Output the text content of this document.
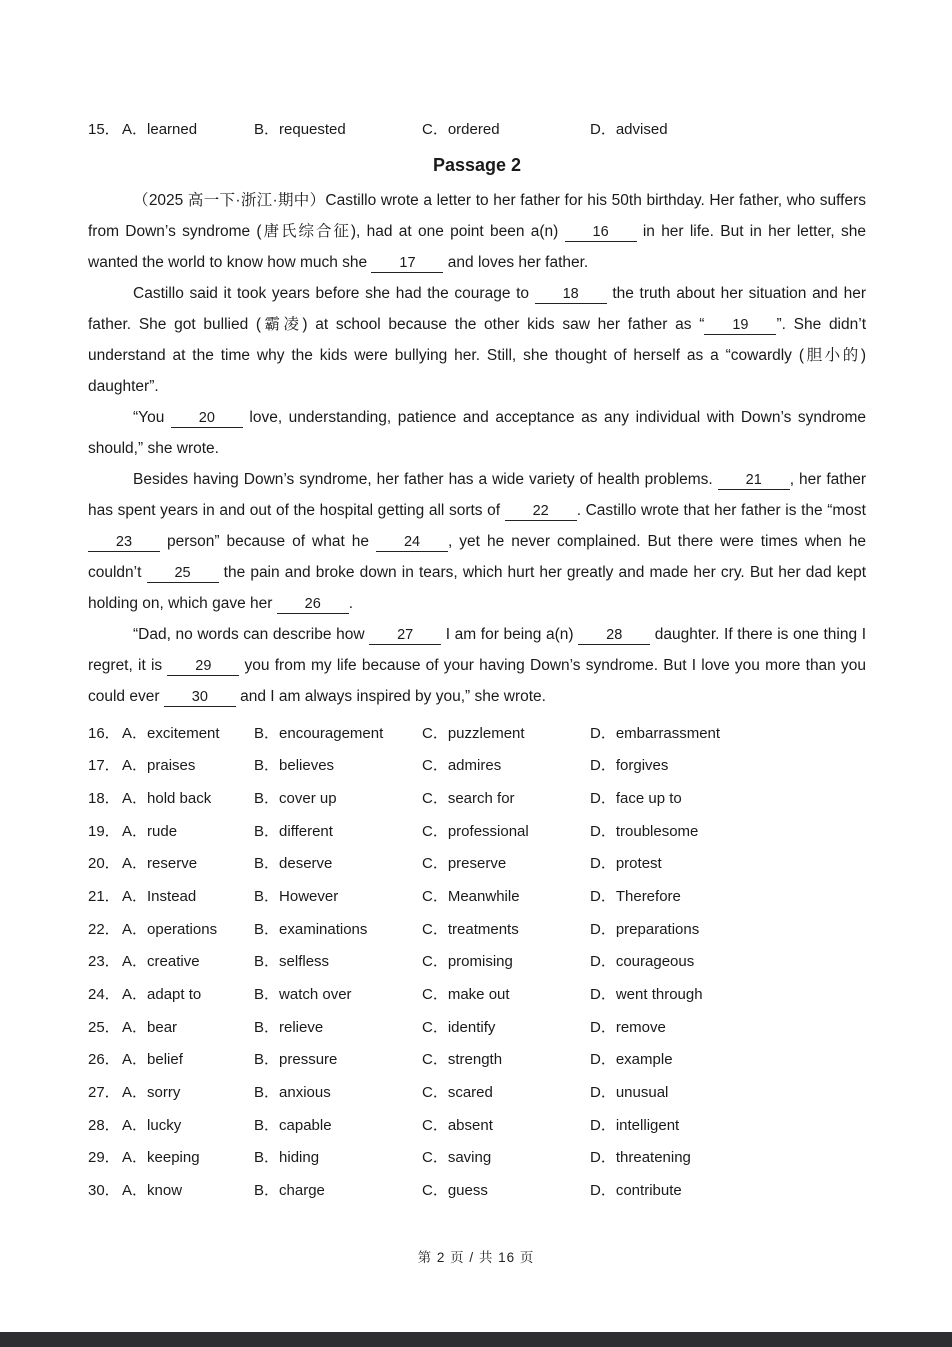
15． A．learned	B．requested	C．ordered	D．advised
Passage 2

（2025 高一下·浙江·期中）Castillo wrote a letter to her father for his 50th birthday. Her father, who suffers from Down’s syndrome (唐氏综合征), had at one point been a(n) 16 in her life. But in her letter, she wanted the world to know how much she 17 and loves her father.

Castillo said it took years before she had the courage to 18 the truth about her situation and her father. She got bullied (霸凌) at school because the other kids saw her father as “ 19 ”. She didn’t understand at the time why the kids were bullying her. Still, she thought of herself as a “cowardly (胆小的) daughter”.

“You 20 love, understanding, patience and acceptance as any individual with Down’s syndrome should,” she wrote.

Besides having Down’s syndrome, her father has a wide variety of health problems. 21 , her father has spent years in and out of the hospital getting all sorts of 22 . Castillo wrote that her father is the “most 23 person” because of what he 24 , yet he never complained. But there were times when he couldn’t 25 the pain and broke down in tears, which hurt her greatly and made her cry. But her dad kept holding on, which gave her 26 .

“Dad, no words can describe how 27 I am for being a(n) 28 daughter. If there is one thing I regret, it is 29 you from my life because of your having Down’s syndrome. But I love you more than you could ever 30 and I am always inspired by you,” she wrote.

16． A．excitement	B．encouragement	C．puzzlement	D．embarrassment
17． A．praises	B．believes	C．admires	D．forgives
18． A．hold back	B．cover up	C．search for	D．face up to
19． A．rude	B．different	C．professional	D．troublesome
20． A．reserve	B．deserve	C．preserve	D．protest
21． A．Instead	B．However	C．Meanwhile	D．Therefore
22． A．operations	B．examinations	C．treatments	D．preparations
23． A．creative	B．selfless	C．promising	D．courageous
24． A．adapt to	B．watch over	C．make out	D．went through
25． A．bear	B．relieve	C．identify	D．remove
26． A．belief	B．pressure	C．strength	D．example
27． A．sorry	B．anxious	C．scared	D．unusual
28． A．lucky	B．capable	C．absent	D．intelligent
29． A．keeping	B．hiding	C．saving	D．threatening
30． A．know	B．charge	C．guess	D．contribute
第 2 页 / 共 16 页
